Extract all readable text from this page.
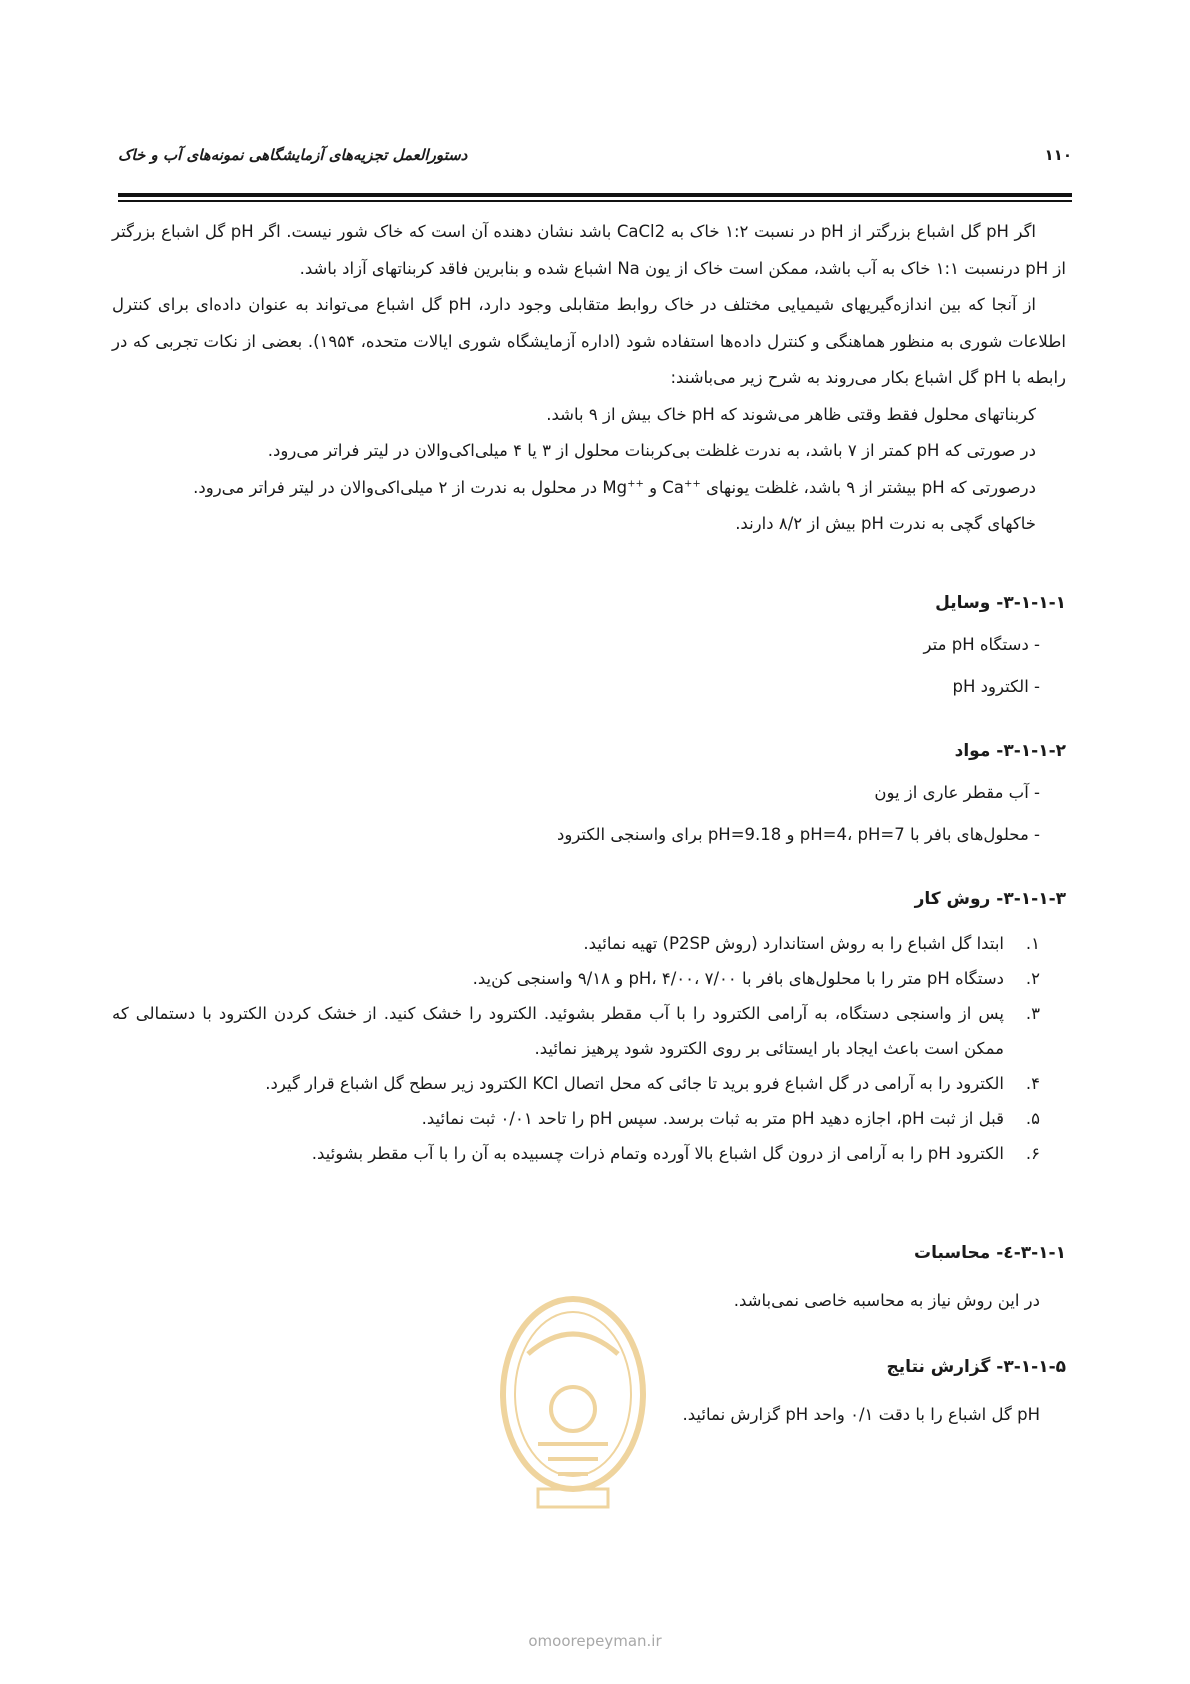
دستورالعمل تجزیه‌های آزمایشگاهی نمونه‌های آب و خاک	۱۱۰

اگر pH گل اشباع بزرگتر از pH در نسبت ۱:۲ خاک به CaCl2 باشد نشان دهنده آن است که خاک شور نیست. اگر pH گل اشباع بزرگتر از pH درنسبت ۱:۱ خاک به آب باشد، ممکن است خاک از یون Na اشباع شده و بنابرین فاقد کربناتهای آزاد باشد.

از آنجا که بین اندازه‌گیریهای شیمیایی مختلف در خاک روابط متقابلی وجود دارد، pH گل اشباع می‌تواند به عنوان داده‌ای برای کنترل اطلاعات شوری به منظور هماهنگی و کنترل داده‌ها استفاده شود (اداره آزمایشگاه شوری ایالات متحده، ۱۹۵۴). بعضی از نکات تجربی که در رابطه با pH گل اشباع بکار می‌روند به شرح زیر می‌باشند:

کربناتهای محلول فقط وقتی ظاهر می‌شوند که pH خاک بیش از ۹ باشد.

در صورتی که pH کمتر از ۷ باشد، به ندرت غلظت بی‌کربنات محلول از ۳ یا ۴ میلی‌اکی‌والان در لیتر فراتر می‌رود.

درصورتی که pH بیشتر از ۹ باشد، غلظت یونهای Ca++ و Mg++ در محلول به ندرت از ۲ میلی‌اکی‌والان در لیتر فراتر می‌رود.

خاکهای گچی به ندرت pH بیش از ۸/۲ دارند.

۳-۱-۱-۱- وسایل

- دستگاه pH متر

- الکترود pH

۳-۱-۱-۲- مواد

- آب مقطر عاری از یون

- محلول‌های بافر با pH=4، pH=7 و pH=9.18 برای واسنجی الکترود

۳-۱-۱-۳- روش کار

۱.
ابتدا گل اشباع را به روش استاندارد (روش P2SP) تهیه نمائید.
۲.
دستگاه pH متر را با محلول‌های بافر با pH، ۴/۰۰، ۷/۰۰ و ۹/۱۸ واسنجی کن‌ید.
۳.
پس از واسنجی دستگاه، به آرامی الکترود را با آب مقطر بشوئید. الکترود را خشک کنید. از خشک کردن الکترود با دستمالی که ممکن است باعث ایجاد بار ایستائی بر روی الکترود شود پرهیز نمائید.
۴.
الکترود را به آرامی در گل اشباع فرو برید تا جائی که محل اتصال KCl الکترود زیر سطح گل اشباع قرار گیرد.
۵.
قبل از ثبت pH، اجازه دهید pH متر به ثبات برسد. سپس pH را تاحد ۰/۰۱ ثبت نمائید.
۶.
الکترود pH را به آرامی از درون گل اشباع بالا آورده وتمام ذرات چسبیده به آن را با آب مقطر بشوئید.

۳-۱-۱-٤- محاسبات

در این روش نیاز به محاسبه خاصی نمی‌باشد.

۳-۱-۱-۵- گزارش نتایج

pH گل اشباع را با دقت ۰/۱ واحد pH گزارش نمائید.

omoorepeyman.ir
